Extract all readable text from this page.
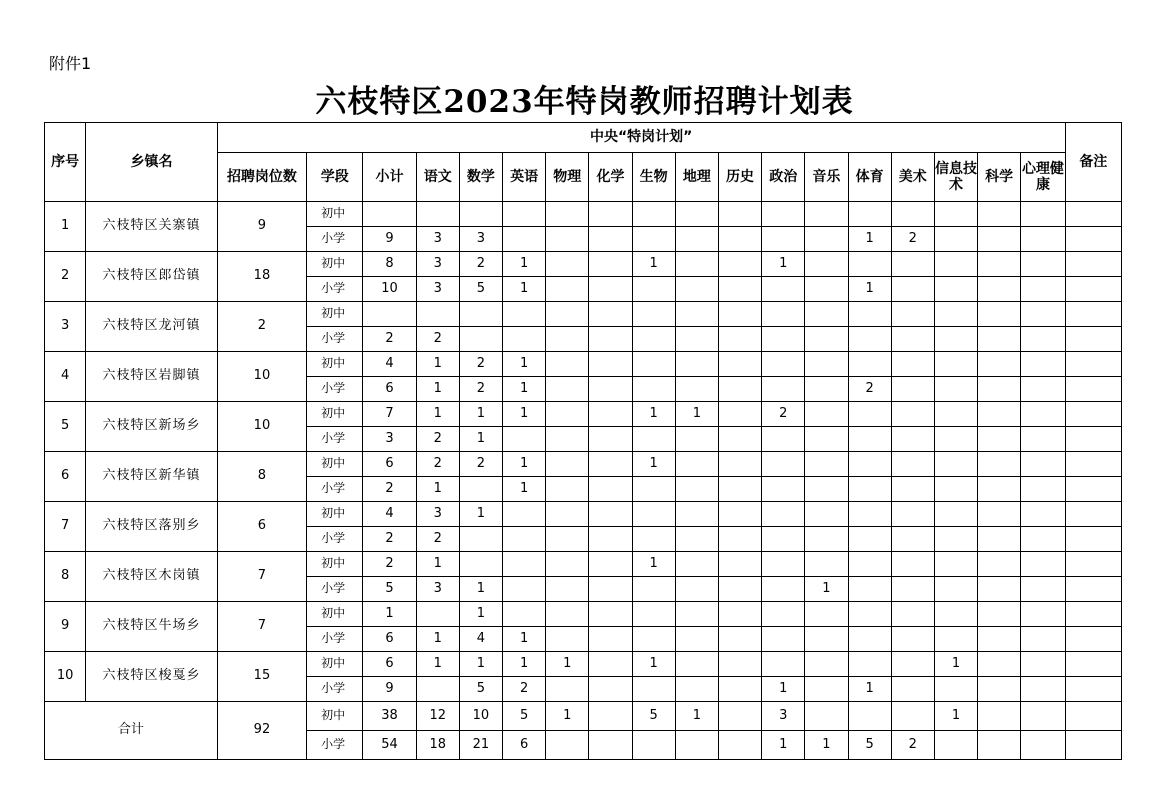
附件1
六枝特区2023年特岗教师招聘计划表
序号	乡镇名	中央“特岗计划”																		备注
		招聘岗位数	学段	小计	语文	数学	英语	物理	化学	生物	地理	历史	政治	音乐	体育	美术	信息技术	科学	心理健康	
1	六枝特区关寨镇	9	初中																	
			小学	9	3	3									1	2				
2	六枝特区郎岱镇	18	初中	8	3	2	1			1			1							
			小学	10	3	5	1								1					
3	六枝特区龙河镇	2	初中																	
			小学	2	2															
4	六枝特区岩脚镇	10	初中	4	1	2	1													
			小学	6	1	2	1								2					
5	六枝特区新场乡	10	初中	7	1	1	1			1	1		2							
			小学	3	2	1														
6	六枝特区新华镇	8	初中	6	2	2	1			1										
			小学	2	1		1													
7	六枝特区落别乡	6	初中	4	3	1														
			小学	2	2															
8	六枝特区木岗镇	7	初中	2	1					1										
			小学	5	3	1								1						
9	六枝特区牛场乡	7	初中	1		1														
			小学	6	1	4	1													
10	六枝特区梭戛乡	15	初中	6	1	1	1	1		1							1			
			小学	9		5	2						1		1					
合计		92	初中	38	12	10	5	1		5	1		3				1			
			小学	54	18	21	6						1	1	5	2				
